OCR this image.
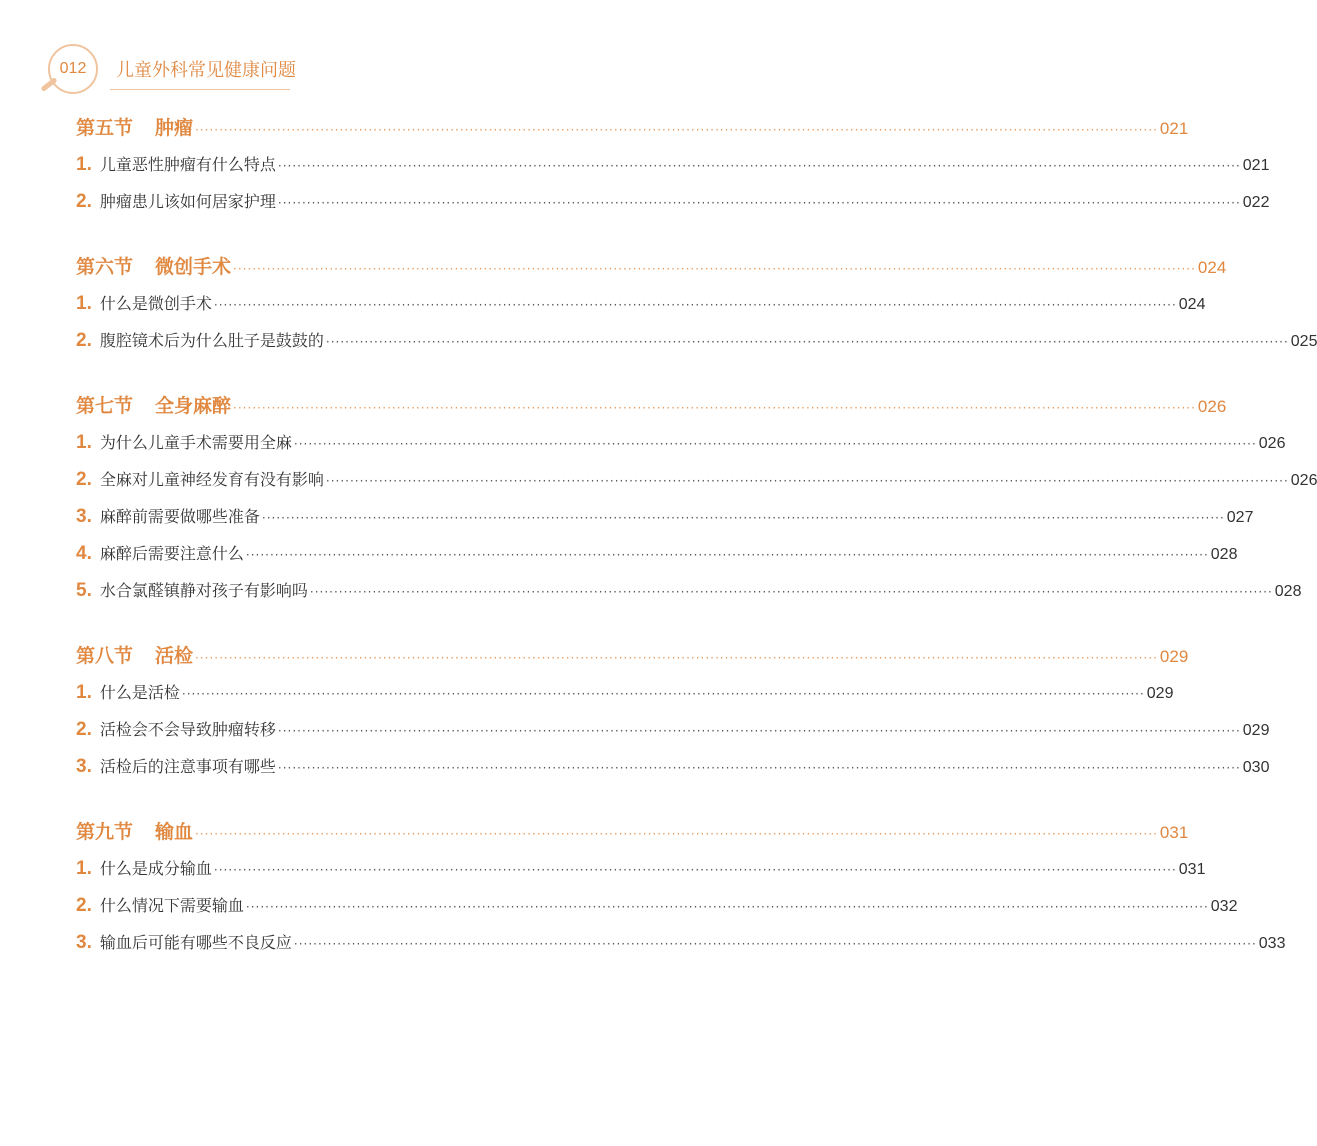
012 儿童外科常见健康问题
第五节 肿瘤 ········································································································································································································ 021
1. 儿童恶性肿瘤有什么特点 ········································································································································································································ 021
2. 肿瘤患儿该如何居家护理 ········································································································································································································ 022
第六节 微创手术 ········································································································································································································ 024
1. 什么是微创手术 ········································································································································································································ 024
2. 腹腔镜术后为什么肚子是鼓鼓的 ········································································································································································································ 025
第七节 全身麻醉 ········································································································································································································ 026
1. 为什么儿童手术需要用全麻 ········································································································································································································ 026
2. 全麻对儿童神经发育有没有影响 ········································································································································································································ 026
3. 麻醉前需要做哪些准备 ········································································································································································································ 027
4. 麻醉后需要注意什么 ········································································································································································································ 028
5. 水合氯醛镇静对孩子有影响吗 ········································································································································································································ 028
第八节 活检 ········································································································································································································ 029
1. 什么是活检 ········································································································································································································ 029
2. 活检会不会导致肿瘤转移 ········································································································································································································ 029
3. 活检后的注意事项有哪些 ········································································································································································································ 030
第九节 输血 ········································································································································································································ 031
1. 什么是成分输血 ········································································································································································································ 031
2. 什么情况下需要输血 ········································································································································································································ 032
3. 输血后可能有哪些不良反应 ········································································································································································································ 033
